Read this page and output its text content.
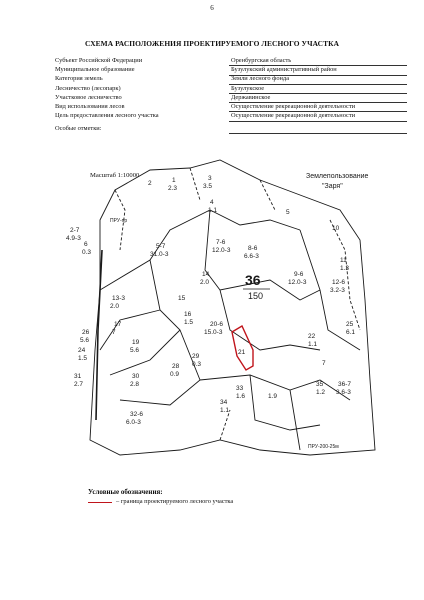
6
СХЕМА РАСПОЛОЖЕНИЯ ПРОЕКТИРУЕМОГО ЛЕСНОГО УЧАСТКА
Субъект Российской Федерации	Оренбургская область
Муниципальное образование	Бузулукский административный район
Категория земель	Земли лесного фонда
Лесничество (лесопарк)	Бузулукское
Участковое лесничество	Державинское
Вид использования лесов	Осуществление рекреационной деятельности
Цель предоставления лесного участка	Осуществление рекреационной деятельности
Особые отметки:
Землепользование
"Заря"
36
150
1
2.3
2
3
3.5
4
1.1	5
2-7
4.9-3
6
0.3
5-7
31.0-3
7-6
12.0-3	8-6
6.6-3
9-6
12.0-3
10
11
1.3
12-6
3.2-3
13-3
2.0
14
2.0
15
16
1.5
17
7
19
5.6
20-6
15.0-3
21
22
1.1
24
1.5
25
6.1
26
5.6
28
0.9
29
0.3
30
2.8
31
2.7
32-6
6.0-3
33
1.6
34
1.1
35
1.2
36-7
3.6-3
7
1.9
ПРУ-пр
ПРУ-200-25м
Масштаб 1:10000
Условные обозначения:
– граница проектируемого лесного участка
